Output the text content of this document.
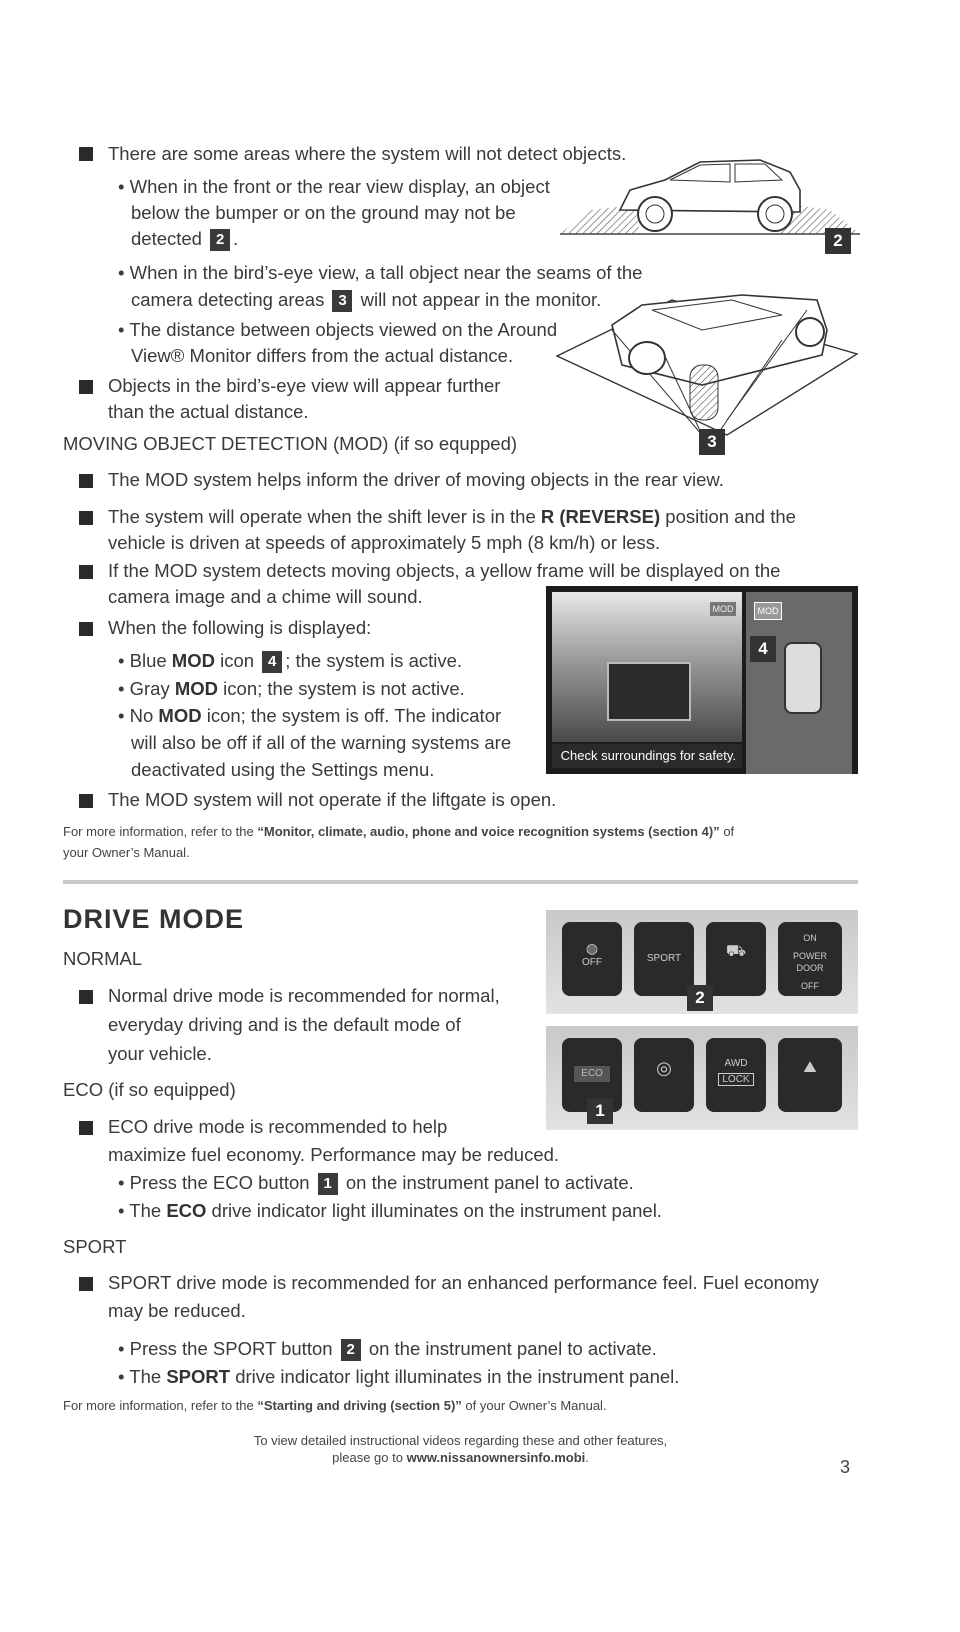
There are some areas where the system will not detect objects.
• When in the front or the rear view display, an object
below the bumper or on the ground may not be
detected 2 .
• When in the bird’s-eye view, a tall object near the seams of the
camera detecting areas 3 will not appear in the monitor.
• The distance between objects viewed on the Around
View® Monitor differs from the actual distance.
Objects in the bird’s-eye view will appear further
than the actual distance.
2
3
MOVING OBJECT DETECTION (MOD) (if so equpped)
The MOD system helps inform the driver of moving objects in the rear view.
The system will operate when the shift lever is in the R (REVERSE) position and the
vehicle is driven at speeds of approximately 5 mph (8 km/h) or less.
If the MOD system detects moving objects, a yellow frame will be displayed on the
camera image and a chime will sound.
When the following is displayed:
• Blue MOD icon 4 ; the system is active.
• Gray MOD icon; the system is not active.
• No MOD icon; the system is off. The indicator
will also be off if all of the warning systems are
deactivated using the Settings menu.
The MOD system will not operate if the liftgate is open.
MOD	MOD
Check surroundings for safety.
4
For more information, refer to the “Monitor, climate, audio, phone and voice recognition systems (section 4)” of
your Owner’s Manual.
DRIVE MODE
NORMAL
Normal drive mode is recommended for normal,
everyday driving and is the default mode of
your vehicle.
ECO (if so equipped)
ECO drive mode is recommended to help
maximize fuel economy. Performance may be reduced.
• Press the ECO button 1 on the instrument panel to activate.
• The ECO drive indicator light illuminates on the instrument panel.
SPORT
SPORT drive mode is recommended for an enhanced performance feel. Fuel economy
may be reduced.
• Press the SPORT button 2 on the instrument panel to activate.
• The SPORT drive indicator light illuminates in the instrument panel.
For more information, refer to the “Starting and driving (section 5)” of your Owner’s Manual.
◍
OFF	SPORT	⛟
ON
POWER
DOOR
OFF
2
ECO	◎	AWD
LOCK
⛰
1
To view detailed instructional videos regarding these and other features,
please go to www.nissanownersinfo.mobi.	3
